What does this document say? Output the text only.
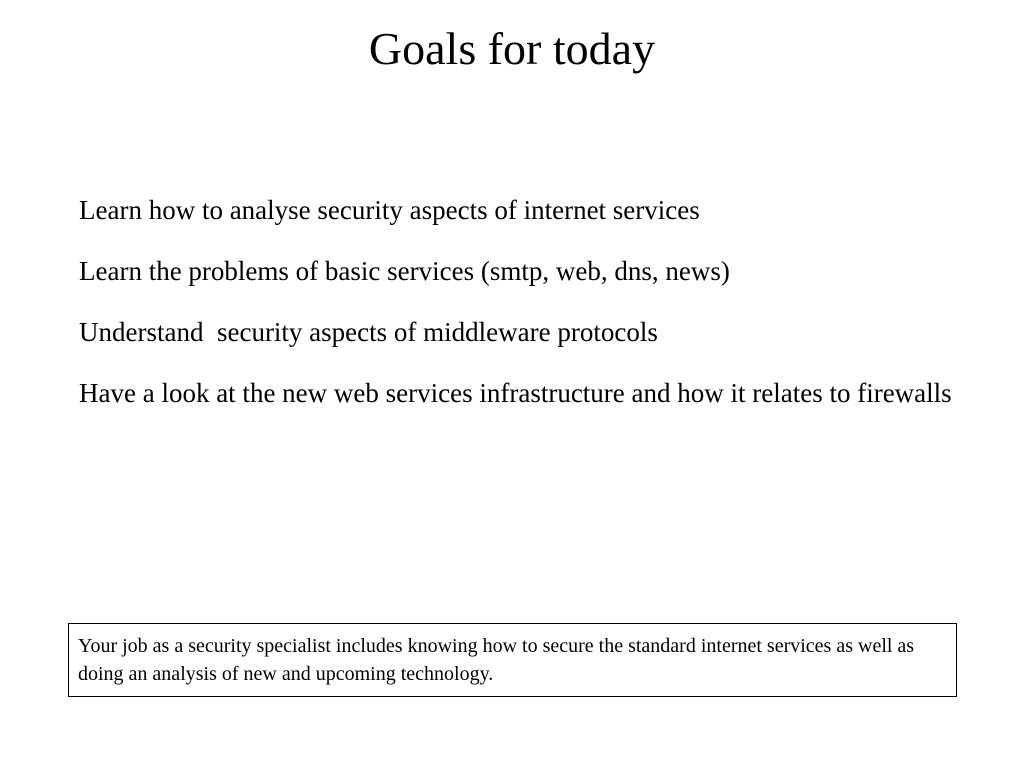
Goals for today
Learn how to analyse security aspects of internet services
Learn the problems of basic services (smtp, web, dns, news)
Understand  security aspects of middleware protocols
Have a look at the new web services infrastructure and how it relates to firewalls
Your job as a security specialist includes knowing how to secure the standard internet services as well as doing an analysis of new and upcoming technology.
